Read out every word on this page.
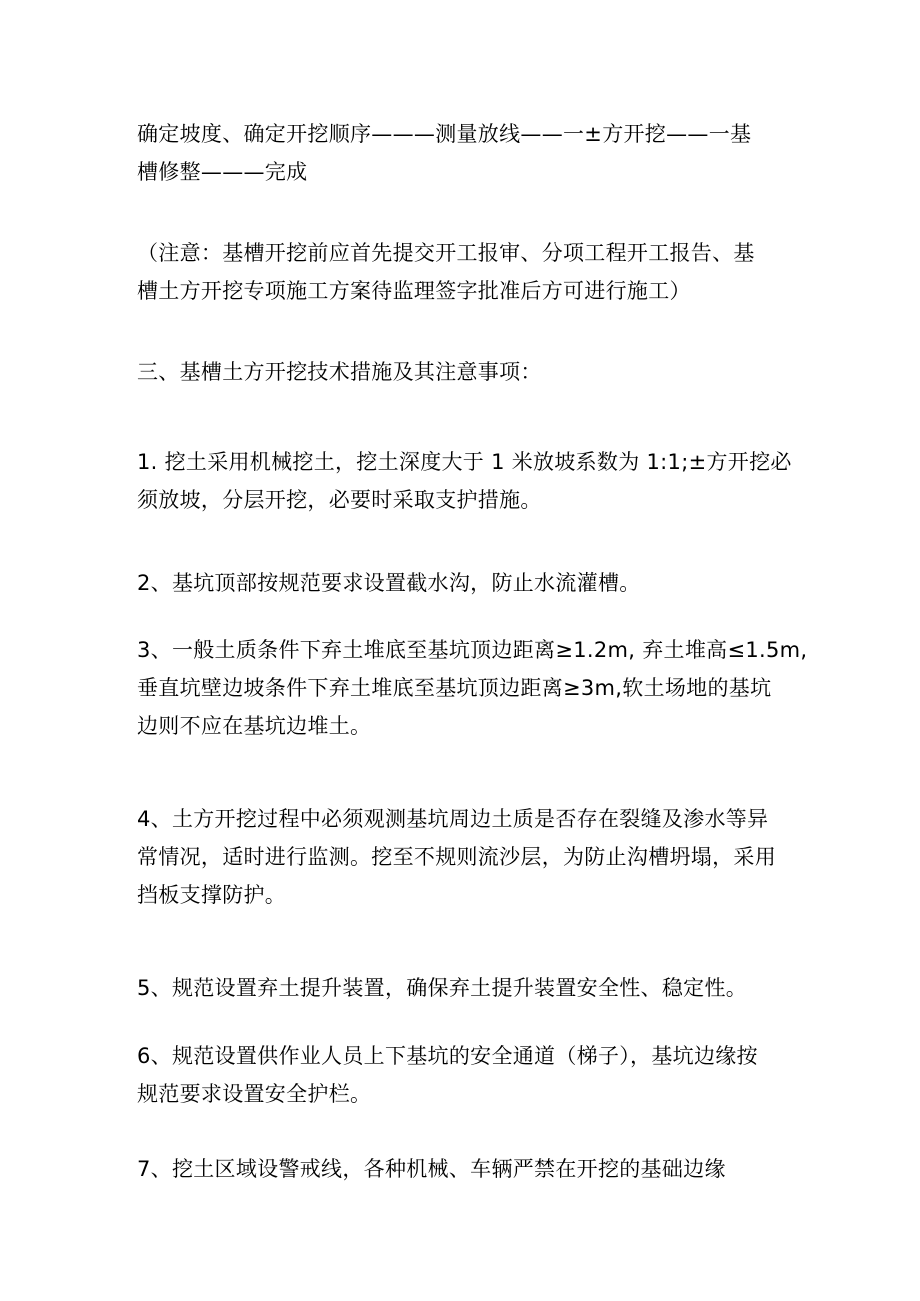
确定坡度、确定开挖顺序———测量放线——一±方开挖——一基
槽修整———完成

（注意：基槽开挖前应首先提交开工报审、分项工程开工报告、基
槽土方开挖专项施工方案待监理签字批准后方可进行施工）

三、基槽土方开挖技术措施及其注意事项：

1. 挖土采用机械挖土，挖土深度大于 1 米放坡系数为 1:1;±方开挖必
须放坡，分层开挖，必要时采取支护措施。

2、基坑顶部按规范要求设置截水沟，防止水流灌槽。

3、一般土质条件下弃土堆底至基坑顶边距离≥1.2m, 弃土堆高≤1.5m,
垂直坑壁边坡条件下弃土堆底至基坑顶边距离≥3m,软土场地的基坑
边则不应在基坑边堆土。

4、土方开挖过程中必须观测基坑周边土质是否存在裂缝及渗水等异
常情况，适时进行监测。挖至不规则流沙层，为防止沟槽坍塌，采用
挡板支撑防护。

5、规范设置弃土提升装置，确保弃土提升装置安全性、稳定性。

6、规范设置供作业人员上下基坑的安全通道（梯子），基坑边缘按
规范要求设置安全护栏。

7、挖土区域设警戒线，各种机械、车辆严禁在开挖的基础边缘
